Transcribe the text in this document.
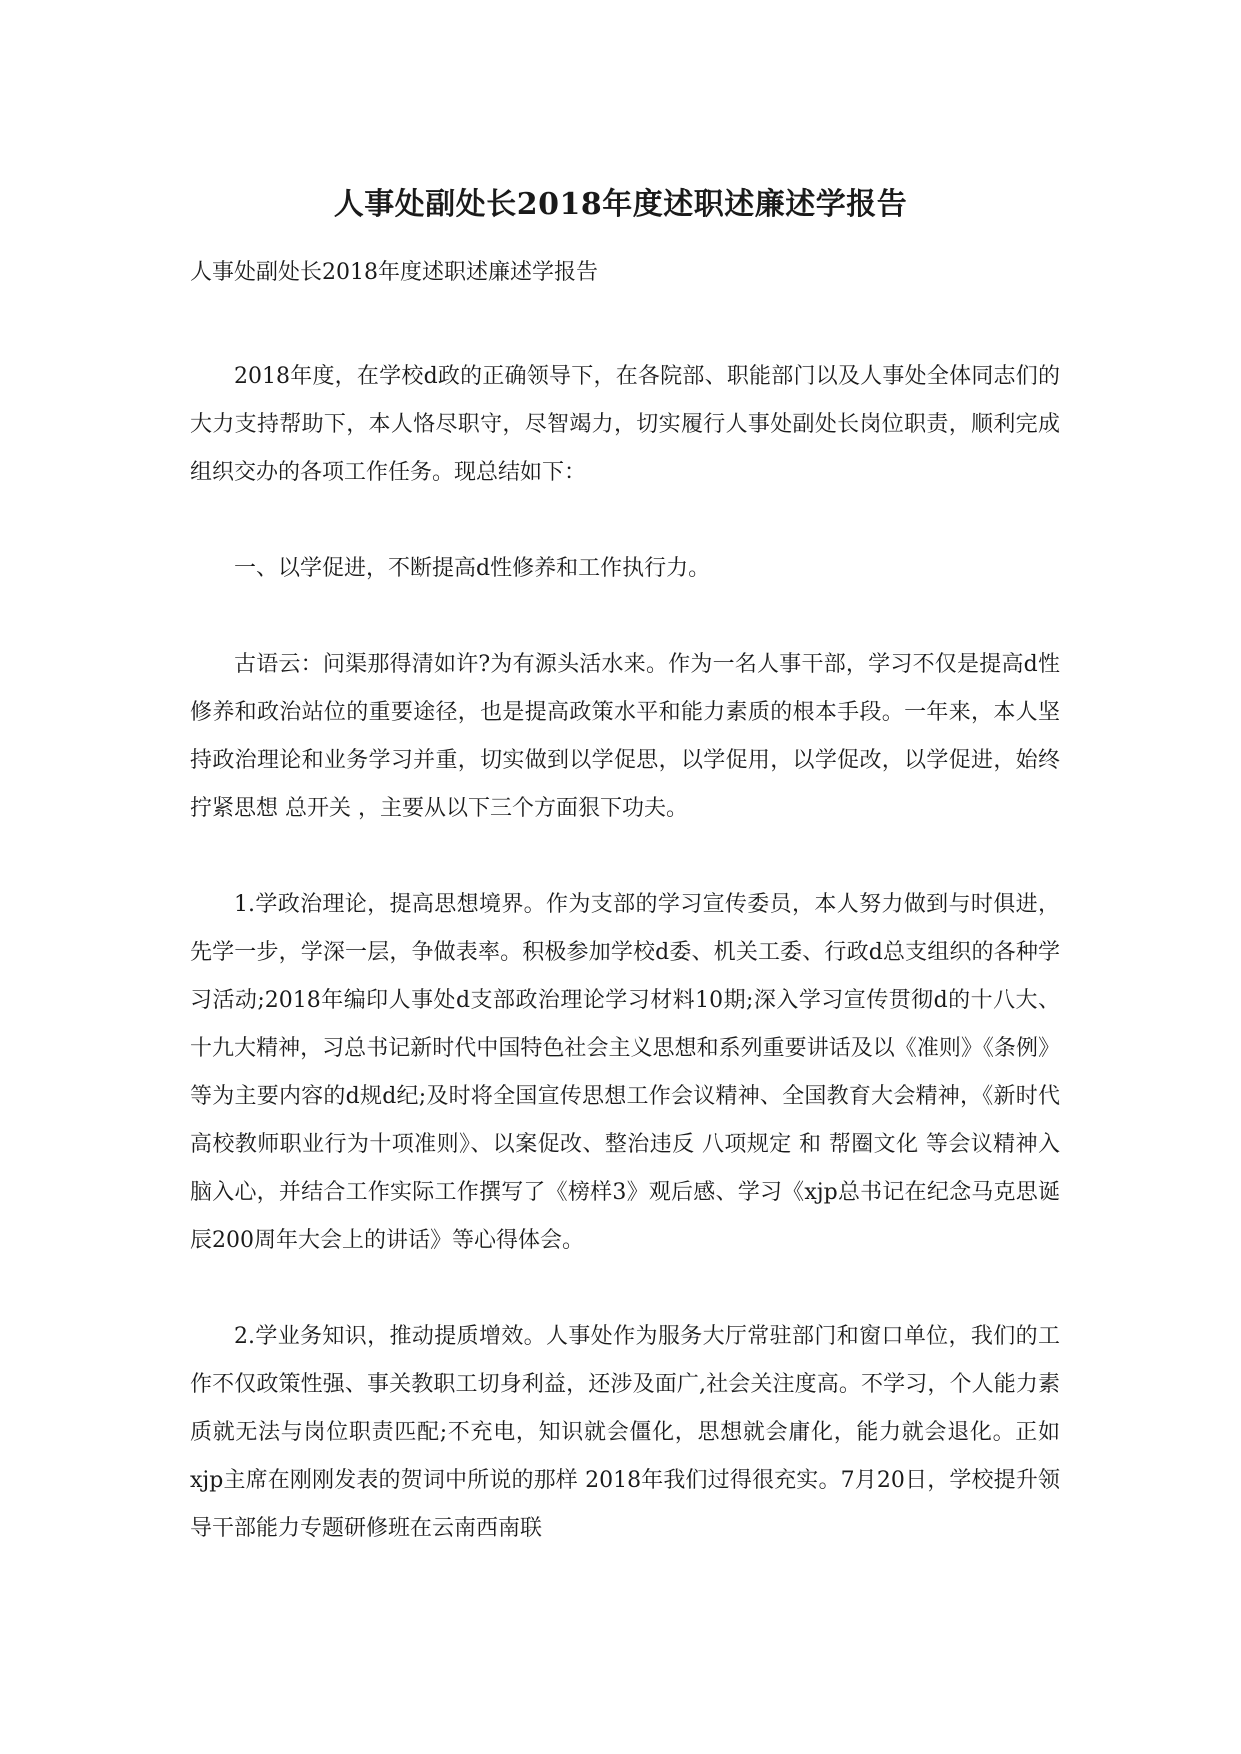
人事处副处长2018年度述职述廉述学报告

人事处副处长2018年度述职述廉述学报告

2018年度，在学校d政的正确领导下，在各院部、职能部门以及人事处全体同志们的大力支持帮助下，本人恪尽职守，尽智竭力，切实履行人事处副处长岗位职责，顺利完成组织交办的各项工作任务。现总结如下：

一、以学促进，不断提高d性修养和工作执行力。

古语云：问渠那得清如许?为有源头活水来。作为一名人事干部，学习不仅是提高d性修养和政治站位的重要途径，也是提高政策水平和能力素质的根本手段。一年来，本人坚持政治理论和业务学习并重，切实做到以学促思，以学促用，以学促改，以学促进，始终拧紧思想 总开关 ，主要从以下三个方面狠下功夫。

1.学政治理论，提高思想境界。作为支部的学习宣传委员，本人努力做到与时俱进，先学一步，学深一层，争做表率。积极参加学校d委、机关工委、行政d总支组织的各种学习活动;2018年编印人事处d支部政治理论学习材料10期;深入学习宣传贯彻d的十八大、十九大精神，习总书记新时代中国特色社会主义思想和系列重要讲话及以《准则》《条例》等为主要内容的d规d纪;及时将全国宣传思想工作会议精神、全国教育大会精神，《新时代高校教师职业行为十项准则》、以案促改、整治违反 八项规定 和 帮圈文化 等会议精神入脑入心，并结合工作实际工作撰写了《榜样3》观后感、学习《xjp总书记在纪念马克思诞辰200周年大会上的讲话》等心得体会。

2.学业务知识，推动提质增效。人事处作为服务大厅常驻部门和窗口单位，我们的工作不仅政策性强、事关教职工切身利益，还涉及面广,社会关注度高。不学习，个人能力素质就无法与岗位职责匹配;不充电，知识就会僵化，思想就会庸化，能力就会退化。正如xjp主席在刚刚发表的贺词中所说的那样 2018年我们过得很充实。7月20日，学校提升领导干部能力专题研修班在云南西南联
